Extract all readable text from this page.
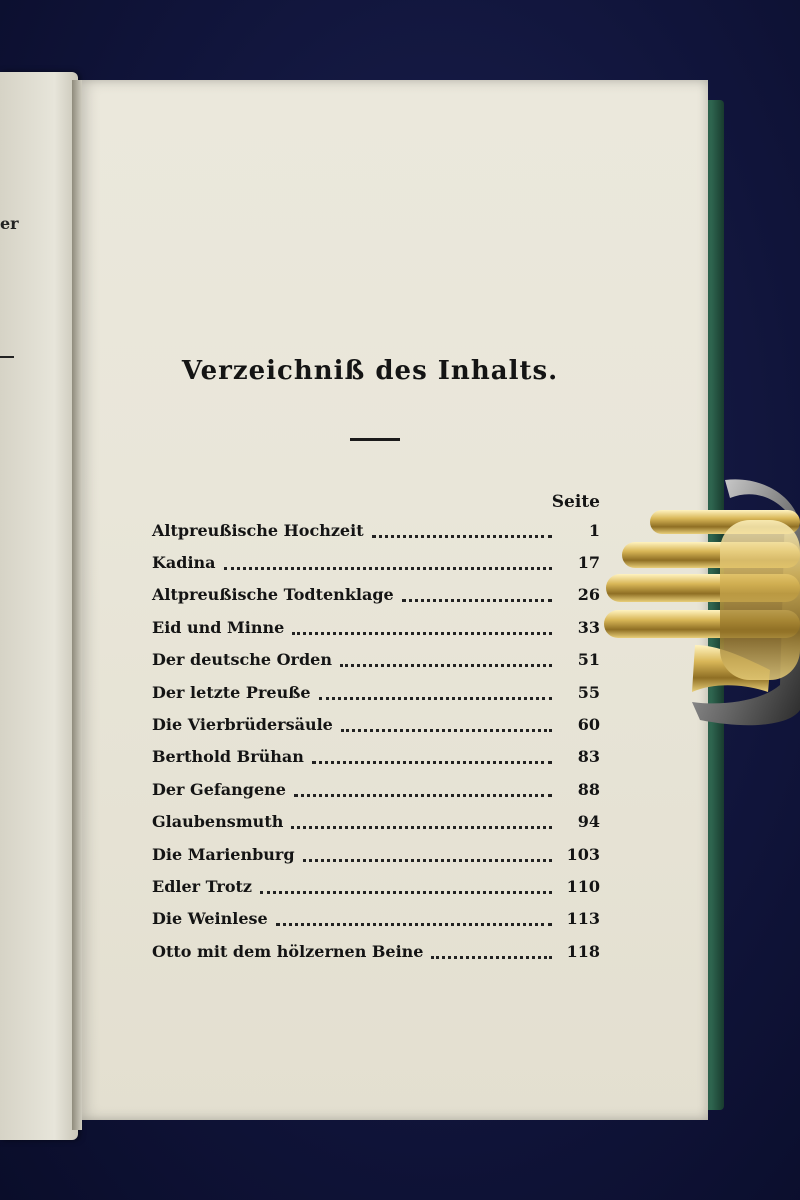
er

Verzeichniß des Inhalts.
Seite
Altpreußische Hochzeit	1
Kadina	17
Altpreußische Todtenklage	26
Eid und Minne	33
Der deutsche Orden	51
Der letzte Preuße	55
Die Vierbrüdersäule	60
Berthold Brühan	83
Der Gefangene	88
Glaubensmuth	94
Die Marienburg	103
Edler Trotz	110
Die Weinlese	113
Otto mit dem hölzernen Beine	118
